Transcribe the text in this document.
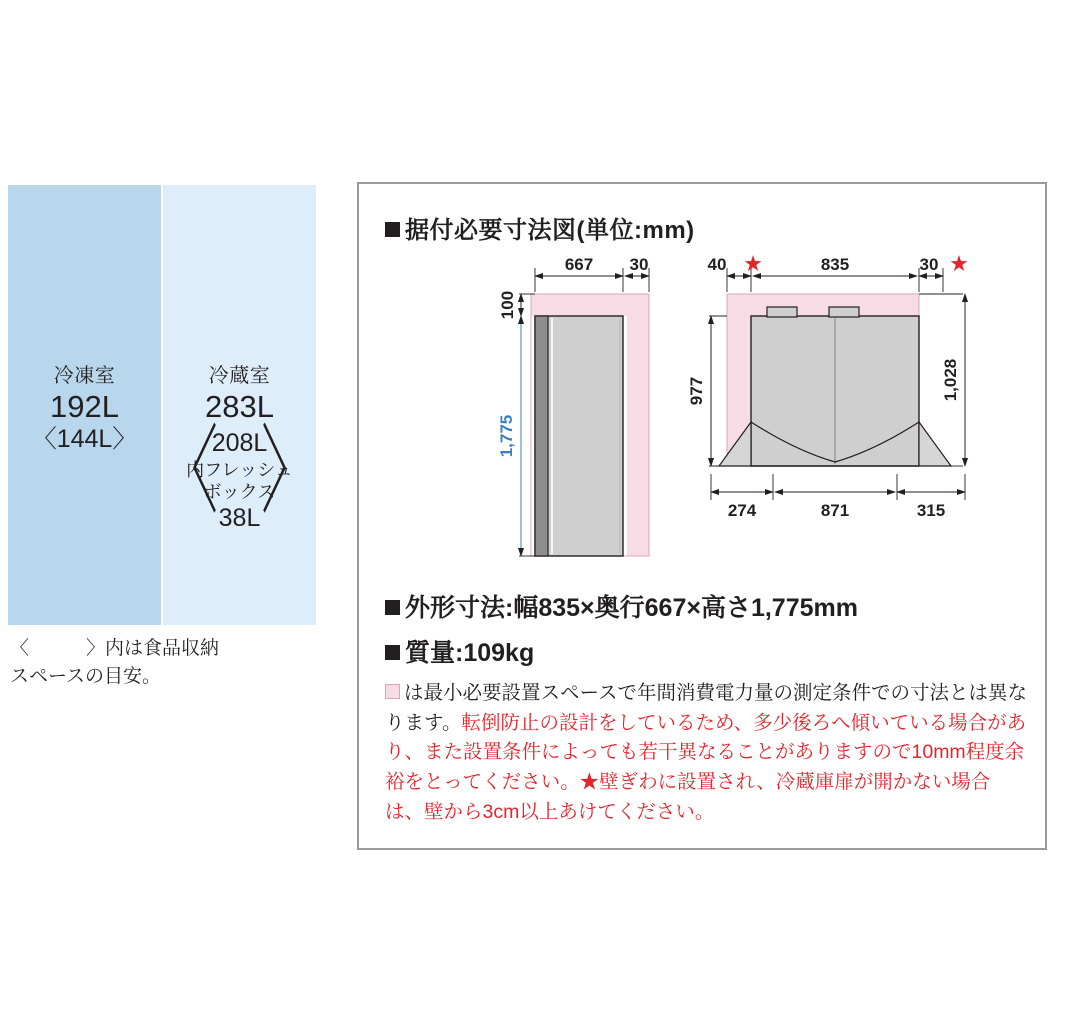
冷凍室
192L
〈144L〉
冷蔵室
283L
〈 〉
208L
内フレッシュ
ボックス
38L
〈　　　〉内は食品収納
スペースの目安。
据付必要寸法図(単位:mm)
667 30
100
1,775
40 ★	835	30 ★
977	1,028
274	871	315
外形寸法:幅835×奥行667×高さ1,775mm
質量:109kg
は最小必要設置スペースで年間消費電力量の測定条件での寸法とは異なります。転倒防止の設計をしているため、多少後ろへ傾いている場合があり、また設置条件によっても若干異なることがありますので10mm程度余裕をとってください。★壁ぎわに設置され、冷蔵庫扉が開かない場合は、壁から3cm以上あけてください。
